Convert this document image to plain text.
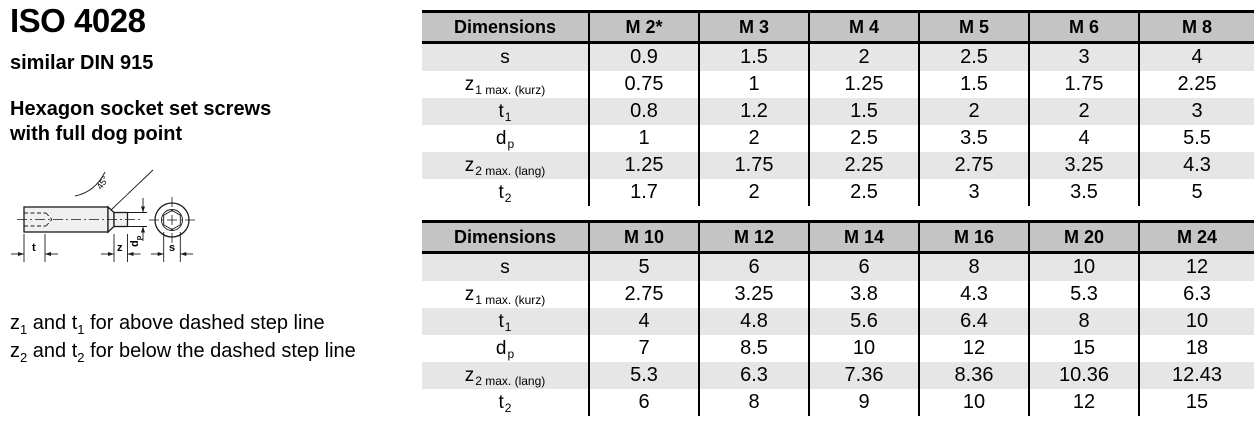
ISO 4028
similar DIN 915
Hexagon socket set screws
with full dog point
45°
$d_p$
t	z	s
$z_1$ and $t_1$ for above dashed step line
$z_2$ and $t_2$ for below the dashed step line
Dimensions	M 2*	M 3	M 4	M 5	M 6	M 8
s	0.9	1.5	2	2.5	3	4
$z_{1 max. (kurz)}$	0.75	1	1.25	1.5	1.75	2.25
$t_1$	0.8	1.2	1.5	2	2	3
$d_p$	1	2	2.5	3.5	4	5.5
$z_{2 max. (lang)}$	1.25	1.75	2.25	2.75	3.25	4.3
$t_2$	1.7	2	2.5	3	3.5	5
Dimensions	M 10	M 12	M 14	M 16	M 20	M 24
s	5	6	6	8	10	12
$z_{1 max. (kurz)}$	2.75	3.25	3.8	4.3	5.3	6.3
$t_1$	4	4.8	5.6	6.4	8	10
$d_p$	7	8.5	10	12	15	18
$z_{2 max. (lang)}$	5.3	6.3	7.36	8.36	10.36	12.43
$t_2$	6	8	9	10	12	15
